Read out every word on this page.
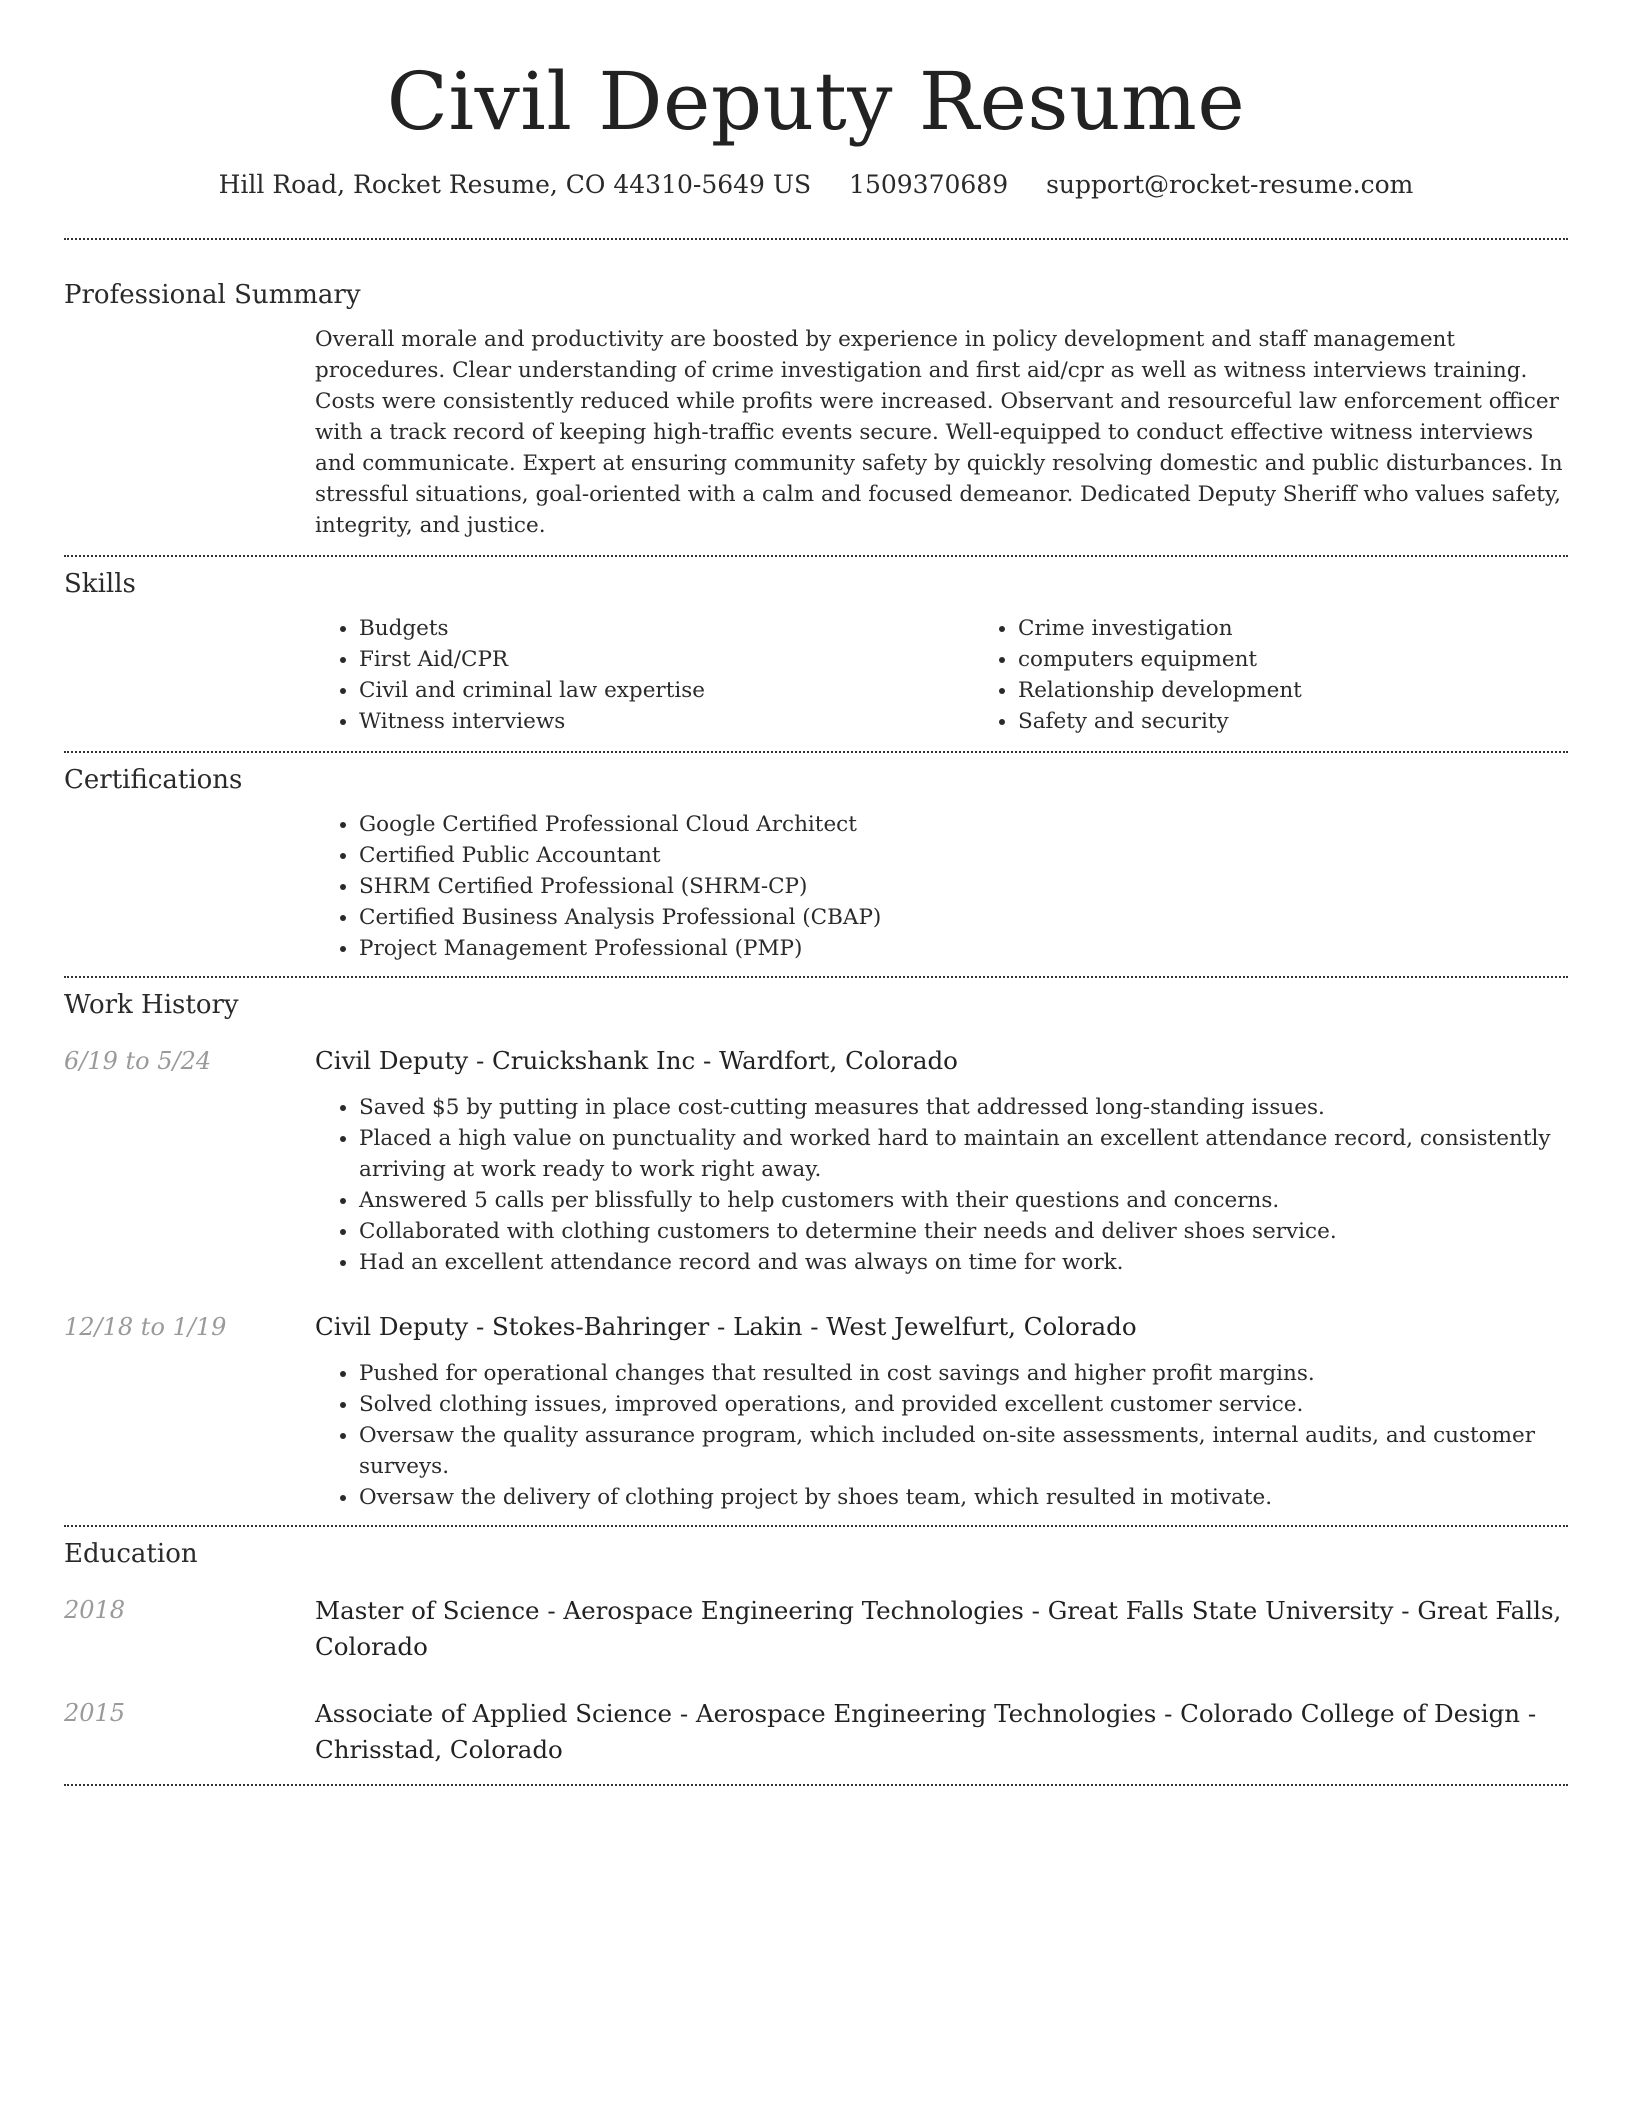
Civil Deputy Resume
Hill Road, Rocket Resume, CO 44310-5649 US 1509370689 support@rocket-resume.com
Professional Summary
Overall morale and productivity are boosted by experience in policy development and staff management procedures. Clear understanding of crime investigation and first aid/cpr as well as witness interviews training. Costs were consistently reduced while profits were increased. Observant and resourceful law enforcement officer with a track record of keeping high-traffic events secure. Well-equipped to conduct effective witness interviews and communicate. Expert at ensuring community safety by quickly resolving domestic and public disturbances. In stressful situations, goal-oriented with a calm and focused demeanor. Dedicated Deputy Sheriff who values safety, integrity, and justice.
Skills
• Budgets
• First Aid/CPR
• Civil and criminal law expertise
• Witness interviews
• Crime investigation
• computers equipment
• Relationship development
• Safety and security
Certifications
• Google Certified Professional Cloud Architect
• Certified Public Accountant
• SHRM Certified Professional (SHRM-CP)
• Certified Business Analysis Professional (CBAP)
• Project Management Professional (PMP)
Work History
6/19 to 5/24	Civil Deputy - Cruickshank Inc - Wardfort, Colorado
• Saved $5 by putting in place cost-cutting measures that addressed long-standing issues.
• Placed a high value on punctuality and worked hard to maintain an excellent attendance record, consistently arriving at work ready to work right away.
• Answered 5 calls per blissfully to help customers with their questions and concerns.
• Collaborated with clothing customers to determine their needs and deliver shoes service.
• Had an excellent attendance record and was always on time for work.
12/18 to 1/19	Civil Deputy - Stokes-Bahringer - Lakin - West Jewelfurt, Colorado
• Pushed for operational changes that resulted in cost savings and higher profit margins.
• Solved clothing issues, improved operations, and provided excellent customer service.
• Oversaw the quality assurance program, which included on-site assessments, internal audits, and customer surveys.
• Oversaw the delivery of clothing project by shoes team, which resulted in motivate.
Education
2018	Master of Science - Aerospace Engineering Technologies - Great Falls State University - Great Falls, Colorado
2015	Associate of Applied Science - Aerospace Engineering Technologies - Colorado College of Design - Chrisstad, Colorado
